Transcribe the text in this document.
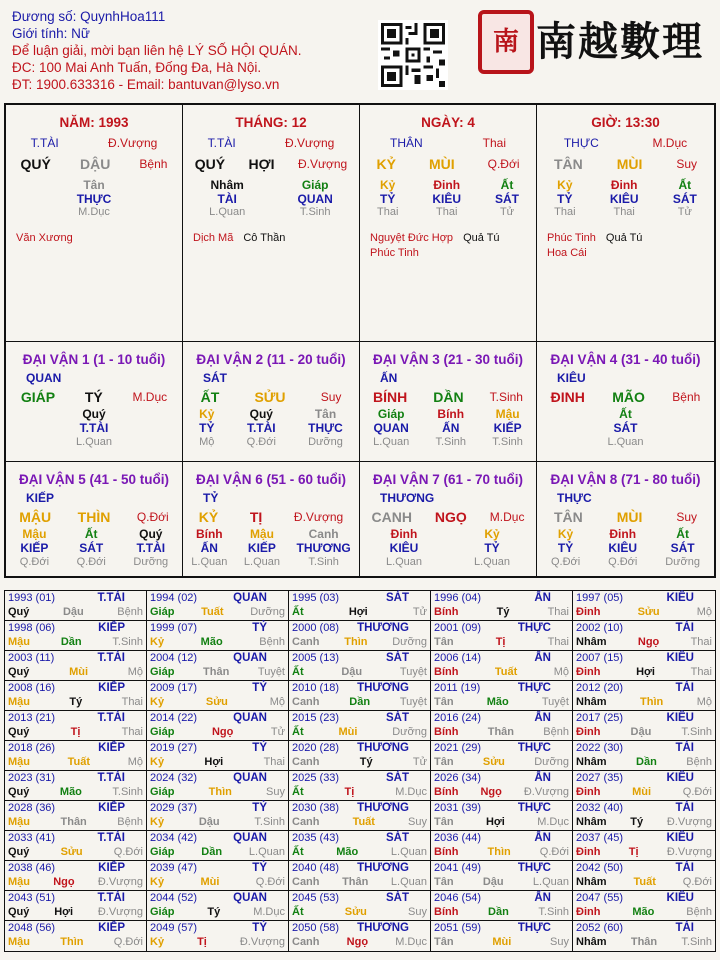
Đương số: QuynhHoa111
Giới tính: Nữ
Để luận giải, mời bạn liên hệ LÝ SỐ HỘI QUÁN.
ĐC: 100 Mai Anh Tuấn, Đống Đa, Hà Nội.
ĐT: 1900.633316 - Email: bantuvan@lyso.vn
南 南越數理
NĂM: 1993
T.TÀI	Đ.Vượng
QUÝ DẬU Bệnh
Tân
THỰC
M.Dục
Văn Xương
THÁNG: 12
T.TÀI	Đ.Vượng
QUÝ HỢI Đ.Vượng
Nhâm
TÀI
L.Quan
Giáp
QUAN
T.Sinh
Dịch Mã Cô Thần
NGÀY: 4
THÂN	Thai
KỶ MÙI	Q.Đới
Kỷ
TỶ
Thai
Đinh
KIÊU
Thai
Ất
SÁT
Tử
Nguyệt Đức Hợp Quả Tú
Phúc Tinh
GIỜ: 13:30
THỰC	M.Dục
TÂN MÙI	Suy
Kỷ
TỶ
Thai
Đinh
KIÊU
Thai
Ất
SÁT
Tử
Phúc Tinh Quả Tú
Hoa Cái
ĐẠI VẬN 1 (1 - 10 tuổi)
QUAN
GIÁP TÝ M.Dục
Quý
T.TÀI
L.Quan
ĐẠI VẬN 2 (11 - 20 tuổi)
SÁT
ẤT	SỬU	Suy
Kỷ
TỶ
Mộ
Quý
T.TÀI
Q.Đới
Tân
THỰC
Dưỡng
ĐẠI VẬN 3 (21 - 30 tuổi)
ẤN
BÍNH DẦN T.Sinh
Giáp
QUAN
L.Quan
Bính
ẤN
T.Sinh
Mậu
KIẾP
T.Sinh
ĐẠI VẬN 4 (31 - 40 tuổi)
KIÊU
ĐINH MÃO Bệnh
Ất
SÁT
L.Quan
ĐẠI VẬN 5 (41 - 50 tuổi)
KIẾP
MẬU THÌN Q.Đới
Mậu
KIẾP
Q.Đới
Ất
SÁT
Q.Đới
Quý
T.TÀI
Dưỡng
ĐẠI VẬN 6 (51 - 60 tuổi)
TỶ
KỶ TỊ	Đ.Vượng
Bính
ẤN
L.Quan
Mậu
KIẾP
L.Quan
Canh
THƯƠNG
T.Sinh
ĐẠI VẬN 7 (61 - 70 tuổi)
THƯƠNG
CANH NGỌ M.Dục
Đinh
KIÊU
L.Quan
Kỷ
TỶ
L.Quan
ĐẠI VẬN 8 (71 - 80 tuổi)
THỰC
TÂN MÙI	Suy
Kỷ
TỶ
Q.Đới
Đinh
KIÊU
Q.Đới
Ất
SÁT
Dưỡng
1993 (01)	T.TÀI
Quý	Dậu	Bệnh
1994 (02)	QUAN
Giáp Tuất Dưỡng
1995 (03)	SÁT
Ất	Hợi	Tử
1996 (04)	ẤN
Bính	Tý	Thai
1997 (05)	KIÊU
Đinh	Sửu	Mộ
1998 (06)	KIẾP
Mậu	Dần	T.Sinh
1999 (07)	TỶ
Kỷ	Mão	Bệnh
2000 (08) THƯƠNG
Canh Thìn Dưỡng
2001 (09)	THỰC
Tân	Tị	Thai
2002 (10)	TÀI
Nhâm	Ngọ	Thai
2003 (11)	T.TÀI
Quý	Mùi	Mộ
2004 (12)	QUAN
Giáp	Thân	Tuyệt
2005 (13)	SÁT
Ất	Dậu	Tuyệt
2006 (14)	ẤN
Bính	Tuất	Mộ
2007 (15)	KIÊU
Đinh	Hợi	Thai
2008 (16)	KIẾP
Mậu	Tý	Thai
2009 (17)	TỶ
Kỷ	Sửu	Mộ
2010 (18) THƯƠNG
Canh	Dần	Tuyệt
2011 (19)	THỰC
Tân	Mão	Tuyệt
2012 (20)	TÀI
Nhâm	Thìn	Mộ
2013 (21)	T.TÀI
Quý	Tị	Thai
2014 (22)	QUAN
Giáp	Ngọ	Tử
2015 (23)	SÁT
Ất	Mùi	Dưỡng
2016 (24)	ẤN
Bính	Thân	Bệnh
2017 (25)	KIÊU
Đinh	Dậu	T.Sinh
2018 (26)	KIẾP
Mậu	Tuất	Mộ
2019 (27)	TỶ
Kỷ	Hợi	Thai
2020 (28) THƯƠNG
Canh	Tý	Tử
2021 (29)	THỰC
Tân	Sửu	Dưỡng
2022 (30)	TÀI
Nhâm	Dần	Bệnh
2023 (31)	T.TÀI
Quý	Mão	T.Sinh
2024 (32)	QUAN
Giáp	Thìn	Suy
2025 (33)	SÁT
Ất	Tị	M.Dục
2026 (34)	ẤN
Bính Ngọ Đ.Vượng
2027 (35)	KIÊU
Đinh	Mùi	Q.Đới
2028 (36)	KIẾP
Mậu	Thân	Bệnh
2029 (37)	TỶ
Kỷ	Dậu	T.Sinh
2030 (38) THƯƠNG
Canh	Tuất	Suy
2031 (39)	THỰC
Tân	Hợi	M.Dục
2032 (40)	TÀI
Nhâm Tý Đ.Vượng
2033 (41)	T.TÀI
Quý	Sửu	Q.Đới
2034 (42)	QUAN
Giáp Dần L.Quan
2035 (43)	SÁT
Ất	Mão	L.Quan
2036 (44)	ẤN
Bính	Thìn	Q.Đới
2037 (45)	KIÊU
Đinh	Tị	Đ.Vượng
2038 (46)	KIẾP
Mậu Ngọ Đ.Vượng
2039 (47)	TỶ
Kỷ	Mùi	Q.Đới
2040 (48) THƯƠNG
Canh Thân L.Quan
2041 (49)	THỰC
Tân	Dậu	L.Quan
2042 (50)	TÀI
Nhâm Tuất Q.Đới
2043 (51)	T.TÀI
Quý Hợi Đ.Vượng
2044 (52)	QUAN
Giáp	Tý	M.Dục
2045 (53)	SÁT
Ất	Sửu	Suy
2046 (54)	ẤN
Bính	Dần	T.Sinh
2047 (55)	KIÊU
Đinh	Mão	Bệnh
2048 (56)	KIẾP
Mậu	Thìn	Q.Đới
2049 (57)	TỶ
Kỷ	Tị	Đ.Vượng
2050 (58) THƯƠNG
Canh Ngọ M.Dục
2051 (59)	THỰC
Tân	Mùi	Suy
2052 (60)	TÀI
Nhâm Thân T.Sinh
